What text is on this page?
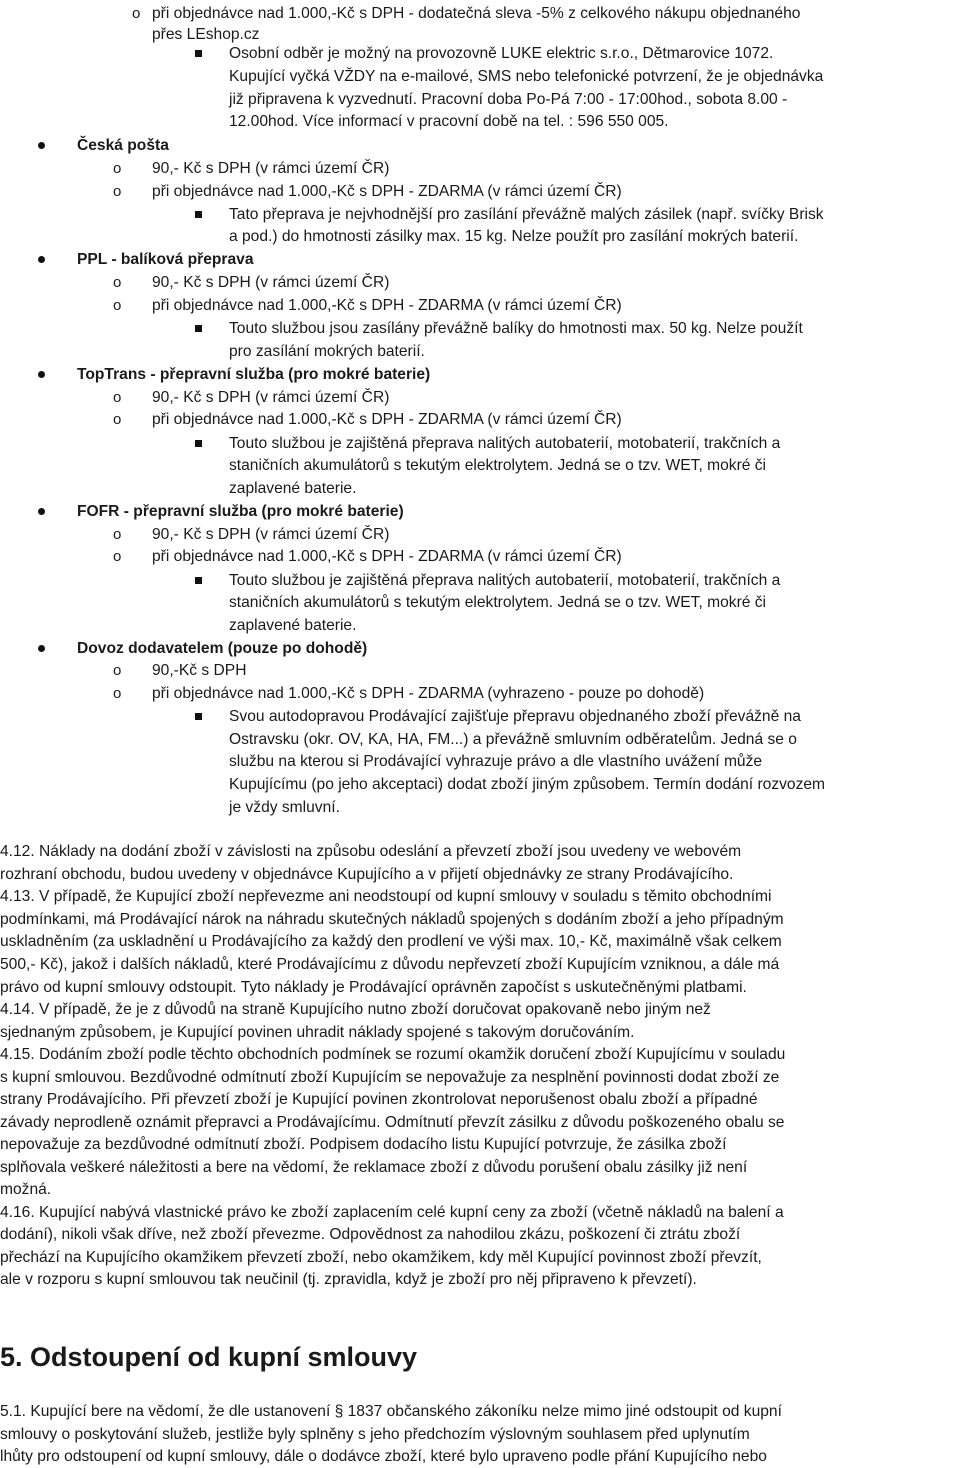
o při objednávce nad 1.000,-Kč s DPH - dodatečná sleva -5% z celkového nákupu objednaného
přes LEshop.cz
Osobní odběr je možný na provozovně LUKE elektric s.r.o., Dětmarovice 1072.
Kupující vyčká VŽDY na e-mailové, SMS nebo telefonické potvrzení, že je objednávka
již připravena k vyzvednutí. Pracovní doba Po-Pá 7:00 - 17:00hod., sobota 8.00 -
12.00hod. Více informací v pracovní době na tel. : 596 550 005.
Česká pošta
o 90,- Kč s DPH (v rámci území ČR)
o při objednávce nad 1.000,-Kč s DPH - ZDARMA (v rámci území ČR)
Tato přeprava je nejvhodnější pro zasílání převážně malých zásilek (např. svíčky Brisk
a pod.) do hmotnosti zásilky max. 15 kg. Nelze použít pro zasílání mokrých baterií.
PPL - balíková přeprava
o 90,- Kč s DPH (v rámci území ČR)
o při objednávce nad 1.000,-Kč s DPH - ZDARMA (v rámci území ČR)
Touto službou jsou zasílány převážně balíky do hmotnosti max. 50 kg. Nelze použít
pro zasílání mokrých baterií.
TopTrans - přepravní služba (pro mokré baterie)
o 90,- Kč s DPH (v rámci území ČR)
o při objednávce nad 1.000,-Kč s DPH - ZDARMA (v rámci území ČR)
Touto službou je zajištěná přeprava nalitých autobaterií, motobaterií, trakčních a
staničních akumulátorů s tekutým elektrolytem. Jedná se o tzv. WET, mokré či
zaplavené baterie.
FOFR - přepravní služba (pro mokré baterie)
o 90,- Kč s DPH (v rámci území ČR)
o při objednávce nad 1.000,-Kč s DPH - ZDARMA (v rámci území ČR)
Touto službou je zajištěná přeprava nalitých autobaterií, motobaterií, trakčních a
staničních akumulátorů s tekutým elektrolytem. Jedná se o tzv. WET, mokré či
zaplavené baterie.
Dovoz dodavatelem (pouze po dohodě)
o 90,-Kč s DPH
o při objednávce nad 1.000,-Kč s DPH - ZDARMA (vyhrazeno - pouze po dohodě)
Svou autodopravou Prodávající zajišťuje přepravu objednaného zboží převážně na
Ostravsku (okr. OV, KA, HA, FM...) a převážně smluvním odběratelům. Jedná se o
službu na kterou si Prodávající vyhrazuje právo a dle vlastního uvážení může
Kupujícímu (po jeho akceptaci) dodat zboží jiným způsobem. Termín dodání rozvozem
je vždy smluvní.
4.12. Náklady na dodání zboží v závislosti na způsobu odeslání a převzetí zboží jsou uvedeny ve webovém
rozhraní obchodu, budou uvedeny v objednávce Kupujícího a v přijetí objednávky ze strany Prodávajícího.
4.13. V případě, že Kupující zboží nepřevezme ani neodstoupí od kupní smlouvy v souladu s těmito obchodními
podmínkami, má Prodávající nárok na náhradu skutečných nákladů spojených s dodáním zboží a jeho případným
uskladněním (za uskladnění u Prodávajícího za každý den prodlení ve výši max. 10,- Kč, maximálně však celkem
500,- Kč), jakož i dalších nákladů, které Prodávajícímu z důvodu nepřevzetí zboží Kupujícím vzniknou, a dále má
právo od kupní smlouvy odstoupit. Tyto náklady je Prodávající oprávněn započíst s uskutečněnými platbami.
4.14. V případě, že je z důvodů na straně Kupujícího nutno zboží doručovat opakovaně nebo jiným než
sjednaným způsobem, je Kupující povinen uhradit náklady spojené s takovým doručováním.
4.15. Dodáním zboží podle těchto obchodních podmínek se rozumí okamžik doručení zboží Kupujícímu v souladu
s kupní smlouvou. Bezdůvodné odmítnutí zboží Kupujícím se nepovažuje za nesplnění povinnosti dodat zboží ze
strany Prodávajícího. Při převzetí zboží je Kupující povinen zkontrolovat neporušenost obalu zboží a případné
závady neprodleně oznámit přepravci a Prodávajícímu. Odmítnutí převzít zásilku z důvodu poškozeného obalu se
nepovažuje za bezdůvodné odmítnutí zboží. Podpisem dodacího listu Kupující potvrzuje, že zásilka zboží
splňovala veškeré náležitosti a bere na vědomí, že reklamace zboží z důvodu porušení obalu zásilky již není
možná.
4.16. Kupující nabývá vlastnické právo ke zboží zaplacením celé kupní ceny za zboží (včetně nákladů na balení a
dodání), nikoli však dříve, než zboží převezme. Odpovědnost za nahodilou zkázu, poškození či ztrátu zboží
přechází na Kupujícího okamžikem převzetí zboží, nebo okamžikem, kdy měl Kupující povinnost zboží převzít,
ale v rozporu s kupní smlouvou tak neučinil (tj. zpravidla, když je zboží pro něj připraveno k převzetí).
5. Odstoupení od kupní smlouvy
5.1. Kupující bere na vědomí, že dle ustanovení § 1837 občanského zákoníku nelze mimo jiné odstoupit od kupní
smlouvy o poskytování služeb, jestliže byly splněny s jeho předchozím výslovným souhlasem před uplynutím
lhůty pro odstoupení od kupní smlouvy, dále o dodávce zboží, které bylo upraveno podle přání Kupujícího nebo
